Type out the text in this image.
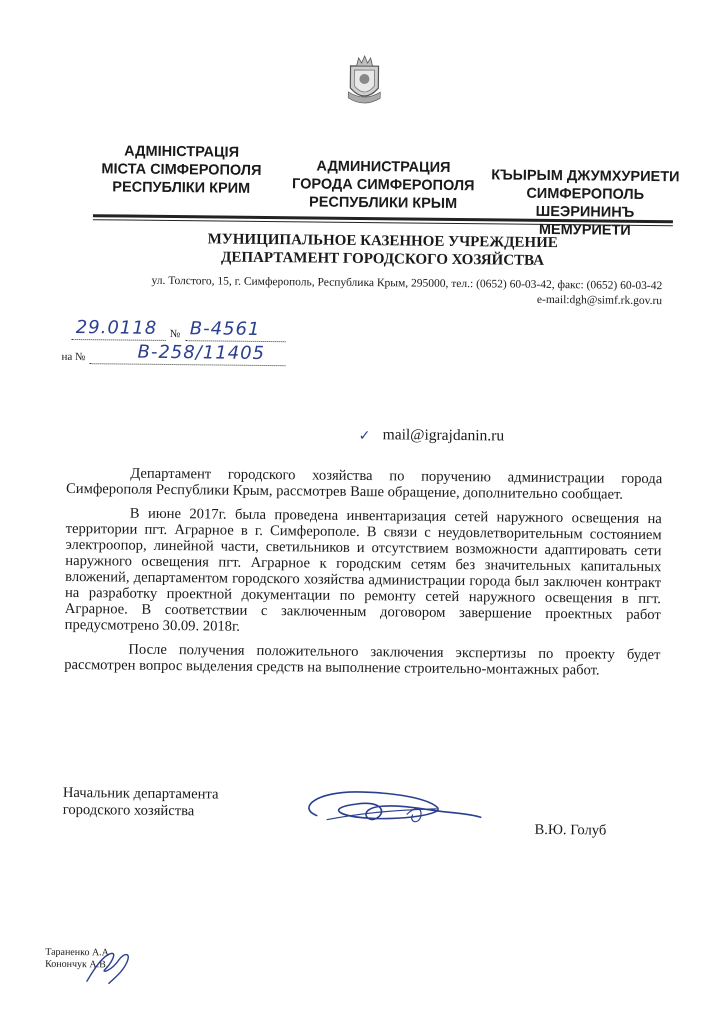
АДМІНІСТРАЦІЯ
МІСТА СІМФЕРОПОЛЯ
РЕСПУБЛІКИ КРИМ
АДМИНИСТРАЦИЯ
ГОРОДА СИМФЕРОПОЛЯ
РЕСПУБЛИКИ КРЫМ
КЪЫРЫМ ДЖУМХУРИЕТИ
СИМФЕРОПОЛЬ
ШЕЭРИНИНЪ
МЕМУРИЕТИ
МУНИЦИПАЛЬНОЕ КАЗЕННОЕ УЧРЕЖДЕНИЕ
ДЕПАРТАМЕНТ ГОРОДСКОГО ХОЗЯЙСТВА
ул. Толстого, 15, г. Симферополь, Республика Крым, 295000, тел.: (0652) 60-03-42, факс: (0652) 60-03-42
e-mail:dgh@simf.rk.gov.ru
29.0118 № В-4561
на №	В-258/11405
✓ mail@igrajdanin.ru

Департамент городского хозяйства по поручению администрации города Симферополя Республики Крым, рассмотрев Ваше обращение, дополнительно сообщает.

В июне 2017г. была проведена инвентаризация сетей наружного освещения на территории пгт. Аграрное в г. Симферополе. В связи с неудовлетворительным состоянием электроопор, линейной части, светильников и отсутствием возможности адаптировать сети наружного освещения пгт. Аграрное к городским сетям без значительных капитальных вложений, департаментом городского хозяйства администрации города был заключен контракт на разработку проектной документации по ремонту сетей наружного освещения в пгт. Аграрное. В соответствии с заключенным договором завершение проектных работ предусмотрено 30.09. 2018г.

После получения положительного заключения экспертизы по проекту будет рассмотрен вопрос выделения средств на выполнение строительно-монтажных работ.

Начальник департамента
городского хозяйства
В.Ю. Голуб
Тараненко А.А
Конончук А.В.
